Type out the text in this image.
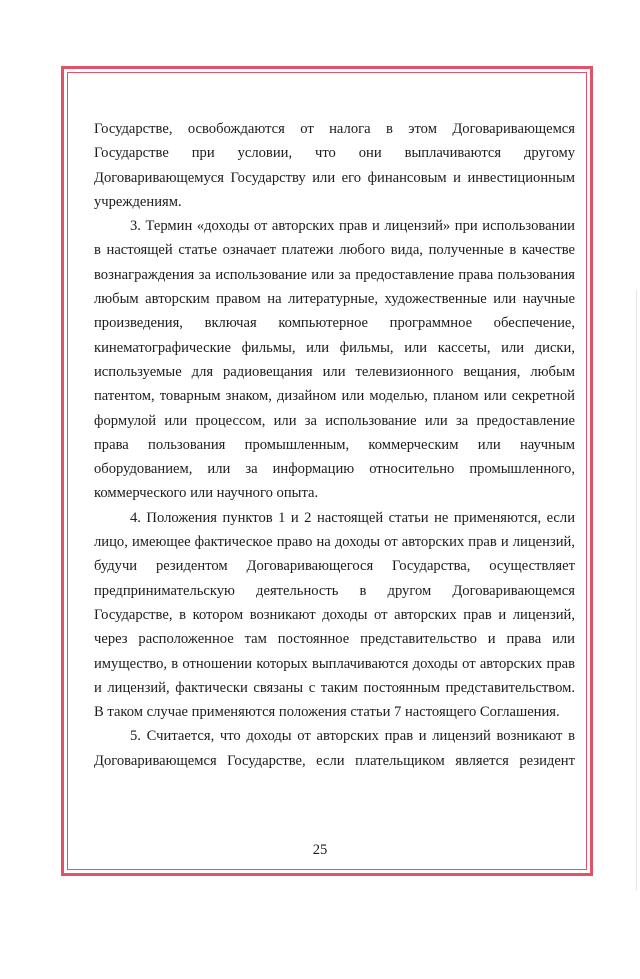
Государстве, освобождаются от налога в этом Договаривающемся
Государстве при условии, что они выплачиваются другому
Договаривающемуся Государству или его финансовым и инвестиционным
учреждениям.
3. Термин «доходы от авторских прав и лицензий» при использовании
в настоящей статье означает платежи любого вида, полученные в качестве
вознаграждения за использование или за предоставление права пользования
любым авторским правом на литературные, художественные или научные
произведения, включая компьютерное программное обеспечение,
кинематографические фильмы, или фильмы, или кассеты, или диски,
используемые для радиовещания или телевизионного вещания, любым
патентом, товарным знаком, дизайном или моделью, планом или секретной
формулой или процессом, или за использование или за предоставление
права пользования промышленным, коммерческим или научным
оборудованием, или за информацию относительно промышленного,
коммерческого или научного опыта.
4. Положения пунктов 1 и 2 настоящей статьи не применяются, если
лицо, имеющее фактическое право на доходы от авторских прав и лицензий,
будучи резидентом Договаривающегося Государства, осуществляет
предпринимательскую деятельность в другом Договаривающемся
Государстве, в котором возникают доходы от авторских прав и лицензий,
через расположенное там постоянное представительство и права или
имущество, в отношении которых выплачиваются доходы от авторских прав
и лицензий, фактически связаны с таким постоянным представительством.
В таком случае применяются положения статьи 7 настоящего Соглашения.
5. Считается, что доходы от авторских прав и лицензий возникают в
Договаривающемся Государстве, если плательщиком является резидент
25
